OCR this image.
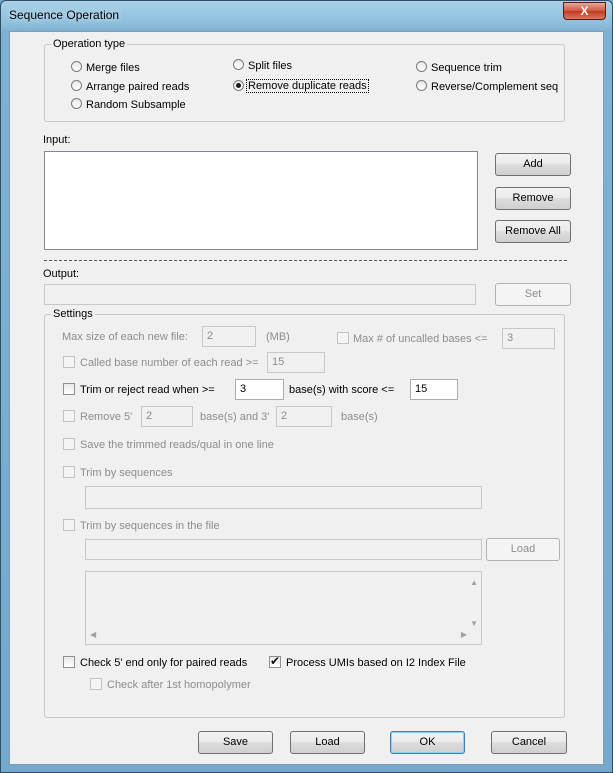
Sequence Operation	X
Operation type
Merge files
Arrange paired reads
Random Subsample
Split files
Remove duplicate reads
Sequence trim
Reverse/Complement seq
Input:
Add
Remove
Remove All
Output:
Set
Settings
Max size of each new file:	2	(MB)	Max # of uncalled bases <=	3
Called base number of each read >=	15
Trim or reject read when >=	3	base(s) with score <=	15
Remove 5'	2	base(s) and 3'	2	base(s)
Save the trimmed reads/qual in one line
Trim by sequences
Trim by sequences in the file
Load
▲
▼
◀	▶
Check 5' end only for paired reads
✔	Process UMIs based on I2 Index File
Check after 1st homopolymer
Save	Load	OK	Cancel
